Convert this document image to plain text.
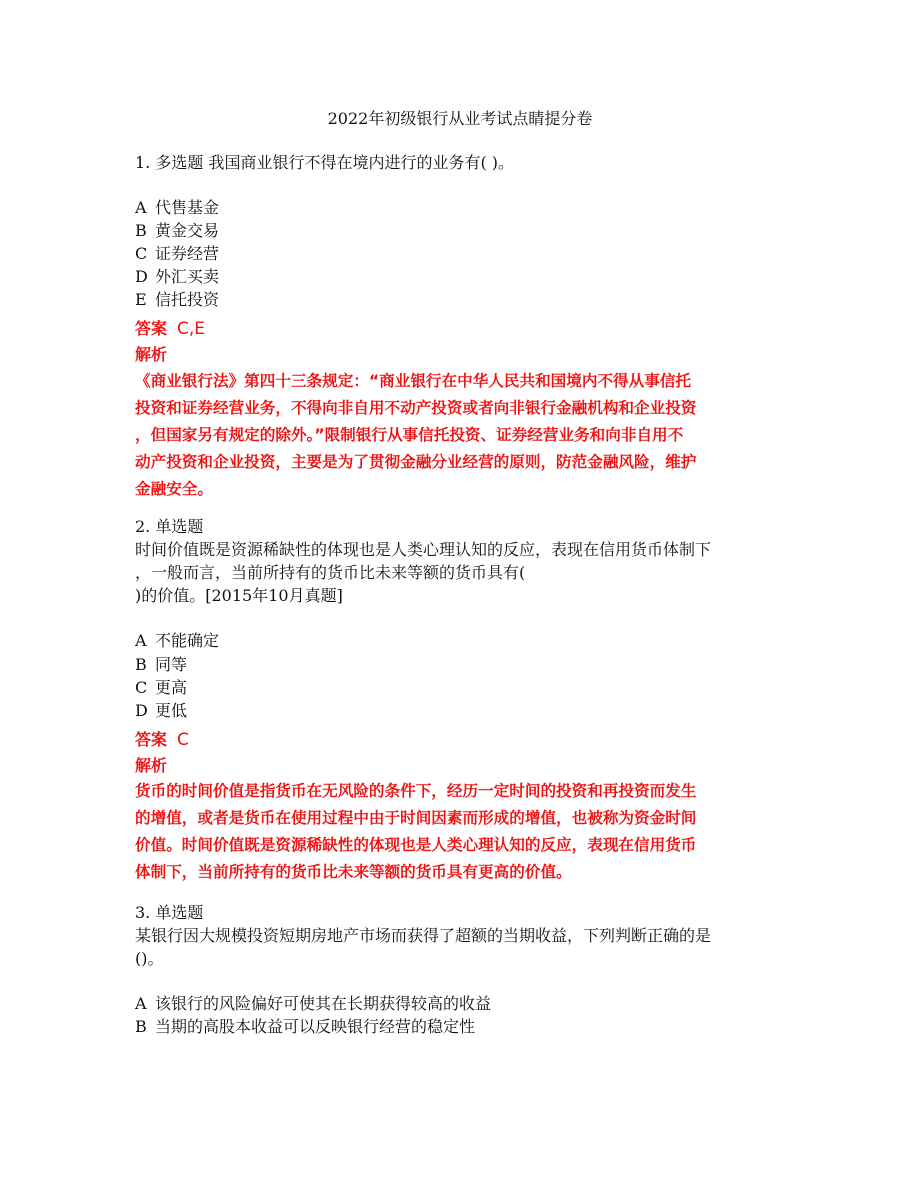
2022年初级银行从业考试点睛提分卷
1. 多选题 我国商业银行不得在境内进行的业务有( )。
A 代售基金
B 黄金交易
C 证券经营
D 外汇买卖
E 信托投资
答案 C,E
解析
《商业银行法》第四十三条规定：“商业银行在中华人民共和国境内不得从事信托
投资和证券经营业务，不得向非自用不动产投资或者向非银行金融机构和企业投资
，但国家另有规定的除外。”限制银行从事信托投资、证券经营业务和向非自用不
动产投资和企业投资，主要是为了贯彻金融分业经营的原则，防范金融风险，维护
金融安全。
2. 单选题
时间价值既是资源稀缺性的体现也是人类心理认知的反应，表现在信用货币体制下
，一般而言，当前所持有的货币比未来等额的货币具有(
)的价值。[2015年10月真题]
A 不能确定
B 同等
C 更高
D 更低
答案 C
解析
货币的时间价值是指货币在无风险的条件下，经历一定时间的投资和再投资而发生
的增值，或者是货币在使用过程中由于时间因素而形成的增值，也被称为资金时间
价值。时间价值既是资源稀缺性的体现也是人类心理认知的反应，表现在信用货币
体制下，当前所持有的货币比未来等额的货币具有更高的价值。
3. 单选题
某银行因大规模投资短期房地产市场而获得了超额的当期收益，下列判断正确的是
()。
A 该银行的风险偏好可使其在长期获得较高的收益
B 当期的高股本收益可以反映银行经营的稳定性
